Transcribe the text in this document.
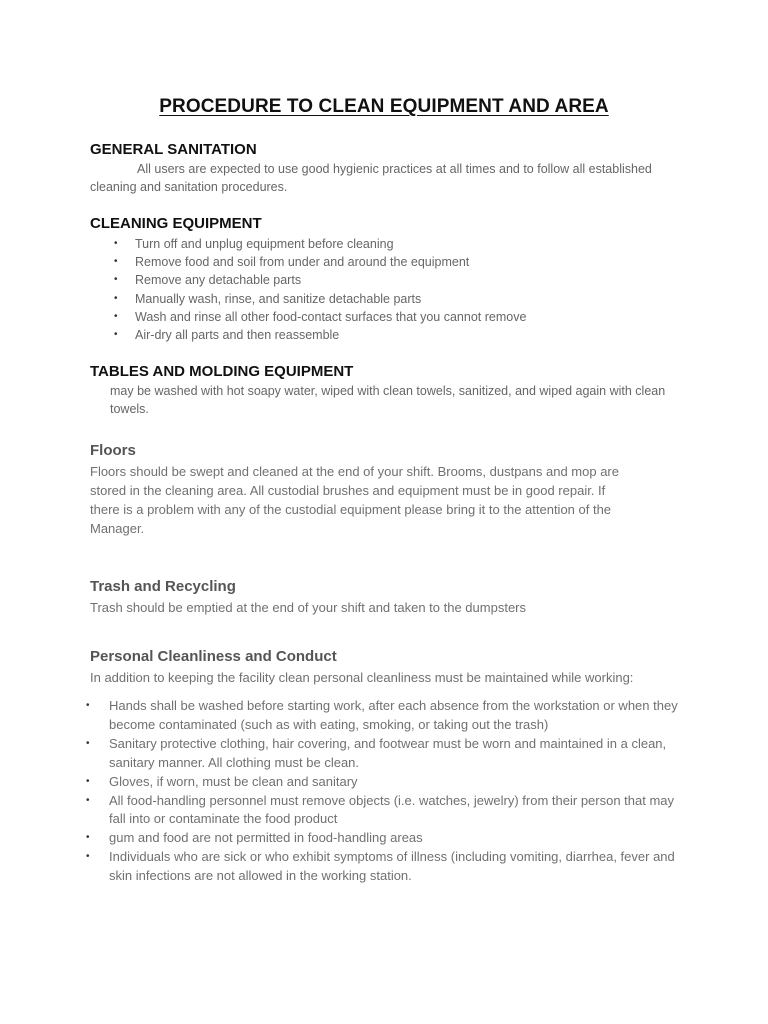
PROCEDURE TO CLEAN EQUIPMENT AND AREA
GENERAL SANITATION

All users are expected to use good hygienic practices at all times and to follow all established

cleaning and sanitation procedures.

CLEANING EQUIPMENT
• Turn off and unplug equipment before cleaning
• Remove food and soil from under and around the equipment
• Remove any detachable parts
• Manually wash, rinse, and sanitize detachable parts
• Wash and rinse all other food-contact surfaces that you cannot remove
• Air-dry all parts and then reassemble
TABLES AND MOLDING EQUIPMENT

may be washed with hot soapy water, wiped with clean towels, sanitized, and wiped again with clean

towels.

Floors

Floors should be swept and cleaned at the end of your shift. Brooms, dustpans and mop are

stored in the cleaning area. All custodial brushes and equipment must be in good repair. If

there is a problem with any of the custodial equipment please bring it to the attention of the

Manager.

Trash and Recycling

Trash should be emptied at the end of your shift and taken to the dumpsters

Personal Cleanliness and Conduct

In addition to keeping the facility clean personal cleanliness must be maintained while working:

• Hands shall be washed before starting work, after each absence from the workstation or when they become contaminated (such as with eating, smoking, or taking out the trash)
• Sanitary protective clothing, hair covering, and footwear must be worn and maintained in a clean, sanitary manner. All clothing must be clean.
• Gloves, if worn, must be clean and sanitary
• All food-handling personnel must remove objects (i.e. watches, jewelry) from their person that may fall into or contaminate the food product
• gum and food are not permitted in food-handling areas
• Individuals who are sick or who exhibit symptoms of illness (including vomiting, diarrhea, fever and skin infections are not allowed in the working station.
